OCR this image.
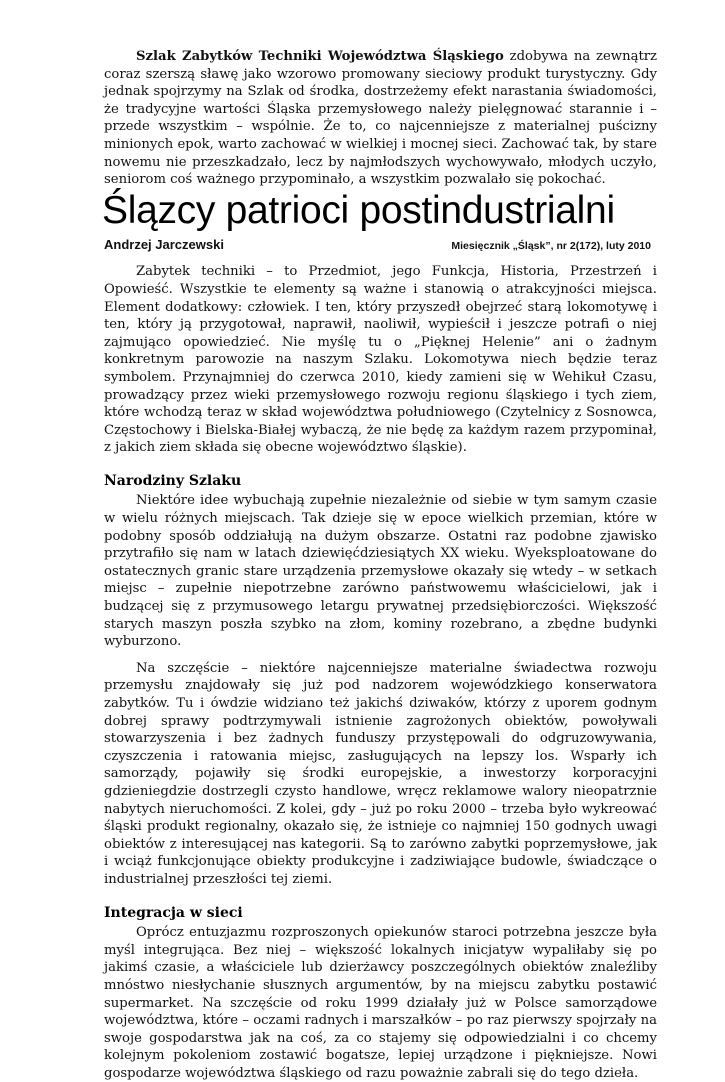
Szlak Zabytków Techniki Województwa Śląskiego zdobywa na zewnątrz coraz szerszą sławę jako wzorowo promowany sieciowy produkt turystyczny. Gdy jednak spojrzymy na Szlak od środka, dostrzeżemy efekt narastania świadomości, że tradycyjne wartości Śląska przemysłowego należy pielęgnować starannie i – przede wszystkim – wspólnie. Że to, co najcenniejsze z materialnej puścizny minionych epok, warto zachować w wielkiej i mocnej sieci. Zachować tak, by stare nowemu nie przeszkadzało, lecz by najmłodszych wychowywało, młodych uczyło, seniorom coś ważnego przypominało, a wszystkim pozwalało się pokochać.

Ślązcy patrioci postindustrialni
Andrzej Jarczewski	Miesięcznik „Śląsk”, nr 2(172), luty 2010

Zabytek techniki – to Przedmiot, jego Funkcja, Historia, Przestrzeń i Opowieść. Wszystkie te elementy są ważne i stanowią o atrakcyjności miejsca. Element dodatkowy: człowiek. I ten, który przyszedł obejrzeć starą lokomotywę i ten, który ją przygotował, naprawił, naoliwił, wypieścił i jeszcze potrafi o niej zajmująco opowiedzieć. Nie myślę tu o „Pięknej Helenie” ani o żadnym konkretnym parowozie na naszym Szlaku. Lokomotywa niech będzie teraz symbolem. Przynajmniej do czerwca 2010, kiedy zamieni się w Wehikuł Czasu, prowadzący przez wieki przemysłowego rozwoju regionu śląskiego i tych ziem, które wchodzą teraz w skład województwa południowego (Czytelnicy z Sosnowca, Częstochowy i Bielska-Białej wybaczą, że nie będę za każdym razem przypominał, z jakich ziem składa się obecne województwo śląskie).

Narodziny Szlaku

Niektóre idee wybuchają zupełnie niezależnie od siebie w tym samym czasie w wielu różnych miejscach. Tak dzieje się w epoce wielkich przemian, które w podobny sposób oddziałują na dużym obszarze. Ostatni raz podobne zjawisko przytrafiło się nam w latach dziewięćdziesiątych XX wieku. Wyeksploatowane do ostatecznych granic stare urządzenia przemysłowe okazały się wtedy – w setkach miejsc – zupełnie niepotrzebne zarówno państwowemu właścicielowi, jak i budzącej się z przymusowego letargu prywatnej przedsiębiorczości. Większość starych maszyn poszła szybko na złom, kominy rozebrano, a zbędne budynki wyburzono.

Na szczęście – niektóre najcenniejsze materialne świadectwa rozwoju przemysłu znajdowały się już pod nadzorem wojewódzkiego konserwatora zabytków. Tu i ówdzie widziano też jakichś dziwaków, którzy z uporem godnym dobrej sprawy podtrzymywali istnienie zagrożonych obiektów, powoływali stowarzyszenia i bez żadnych funduszy przystępowali do odgruzowywania, czyszczenia i ratowania miejsc, zasługujących na lepszy los. Wsparły ich samorządy, pojawiły się środki europejskie, a inwestorzy korporacyjni gdzieniegdzie dostrzegli czysto handlowe, wręcz reklamowe walory nieopatrznie nabytych nieruchomości. Z kolei, gdy – już po roku 2000 – trzeba było wykreować śląski produkt regionalny, okazało się, że istnieje co najmniej 150 godnych uwagi obiektów z interesującej nas kategorii. Są to zarówno zabytki poprzemysłowe, jak i wciąż funkcjonujące obiekty produkcyjne i zadziwiające budowle, świadczące o industrialnej przeszłości tej ziemi.

Integracja w sieci

Oprócz entuzjazmu rozproszonych opiekunów staroci potrzebna jeszcze była myśl integrująca. Bez niej – większość lokalnych inicjatyw wypaliłaby się po jakimś czasie, a właściciele lub dzierżawcy poszczególnych obiektów znaleźliby mnóstwo niesłychanie słusznych argumentów, by na miejscu zabytku postawić supermarket. Na szczęście od roku 1999 działały już w Polsce samorządowe województwa, które – oczami radnych i marszałków – po raz pierwszy spojrzały na swoje gospodarstwa jak na coś, za co stajemy się odpowiedzialni i co chcemy kolejnym pokoleniom zostawić bogatsze, lepiej urządzone i piękniejsze. Nowi gospodarze województwa śląskiego od razu poważnie zabrali się do tego dzieła.
